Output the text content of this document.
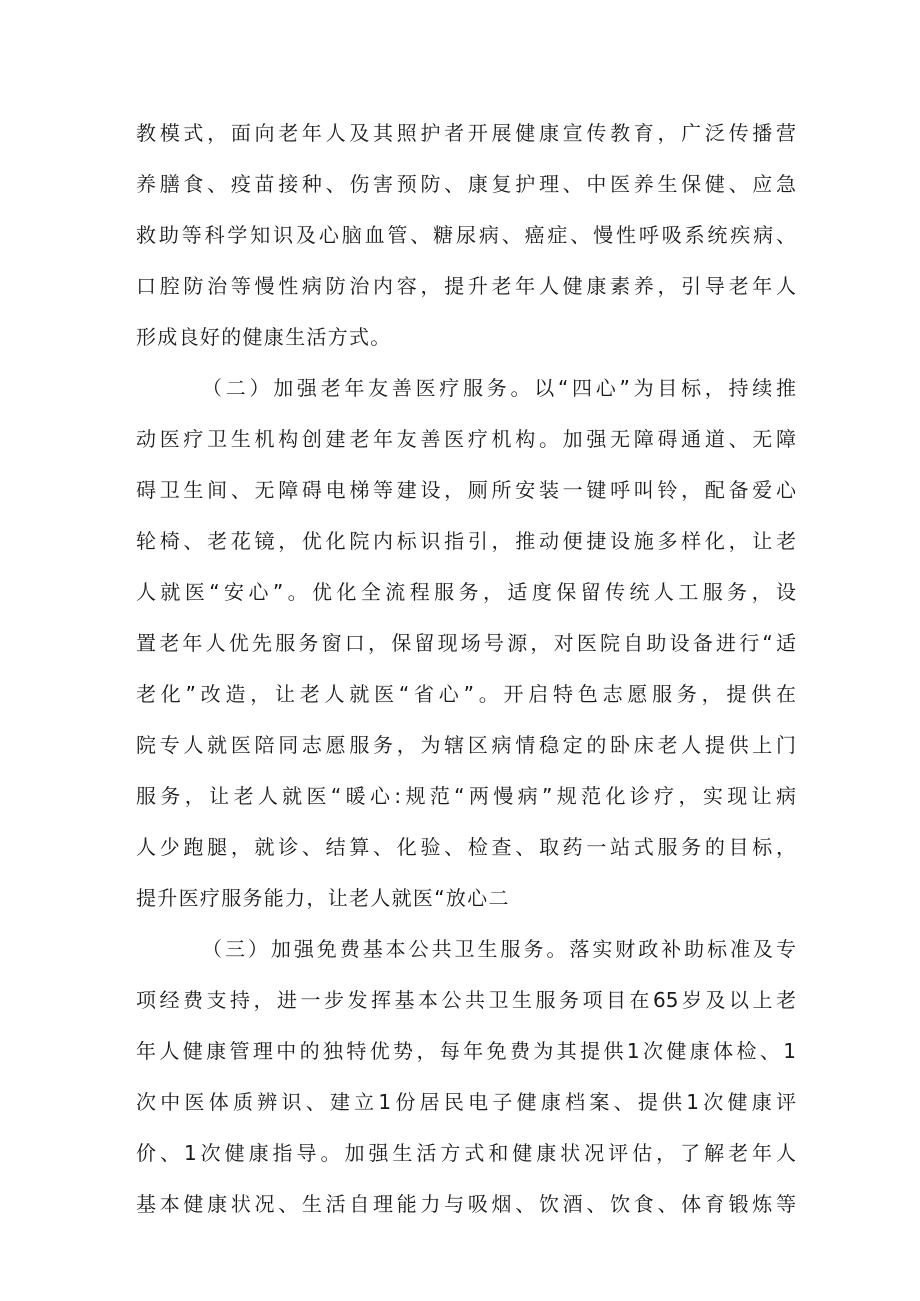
教模式，面向老年人及其照护者开展健康宣传教育，广泛传播营
养膳食、疫苗接种、伤害预防、康复护理、中医养生保健、应急
救助等科学知识及心脑血管、糖尿病、癌症、慢性呼吸系统疾病、
口腔防治等慢性病防治内容，提升老年人健康素养，引导老年人
形成良好的健康生活方式。
（二）加强老年友善医疗服务。以“四心”为目标，持续推
动医疗卫生机构创建老年友善医疗机构。加强无障碍通道、无障
碍卫生间、无障碍电梯等建设，厕所安装一键呼叫铃，配备爱心
轮椅、老花镜，优化院内标识指引，推动便捷设施多样化，让老
人就医“安心”。优化全流程服务，适度保留传统人工服务，设
置老年人优先服务窗口，保留现场号源，对医院自助设备进行“适
老化”改造，让老人就医“省心”。开启特色志愿服务，提供在
院专人就医陪同志愿服务，为辖区病情稳定的卧床老人提供上门
服务，让老人就医“暖心:规范“两慢病”规范化诊疗，实现让病
人少跑腿，就诊、结算、化验、检查、取药一站式服务的目标，
提升医疗服务能力，让老人就医“放心二
（三）加强免费基本公共卫生服务。落实财政补助标准及专
项经费支持，进一步发挥基本公共卫生服务项目在65岁及以上老
年人健康管理中的独特优势，每年免费为其提供1次健康体检、1
次中医体质辨识、建立1份居民电子健康档案、提供1次健康评
价、1次健康指导。加强生活方式和健康状况评估，了解老年人
基本健康状况、生活自理能力与吸烟、饮酒、饮食、体育锻炼等
